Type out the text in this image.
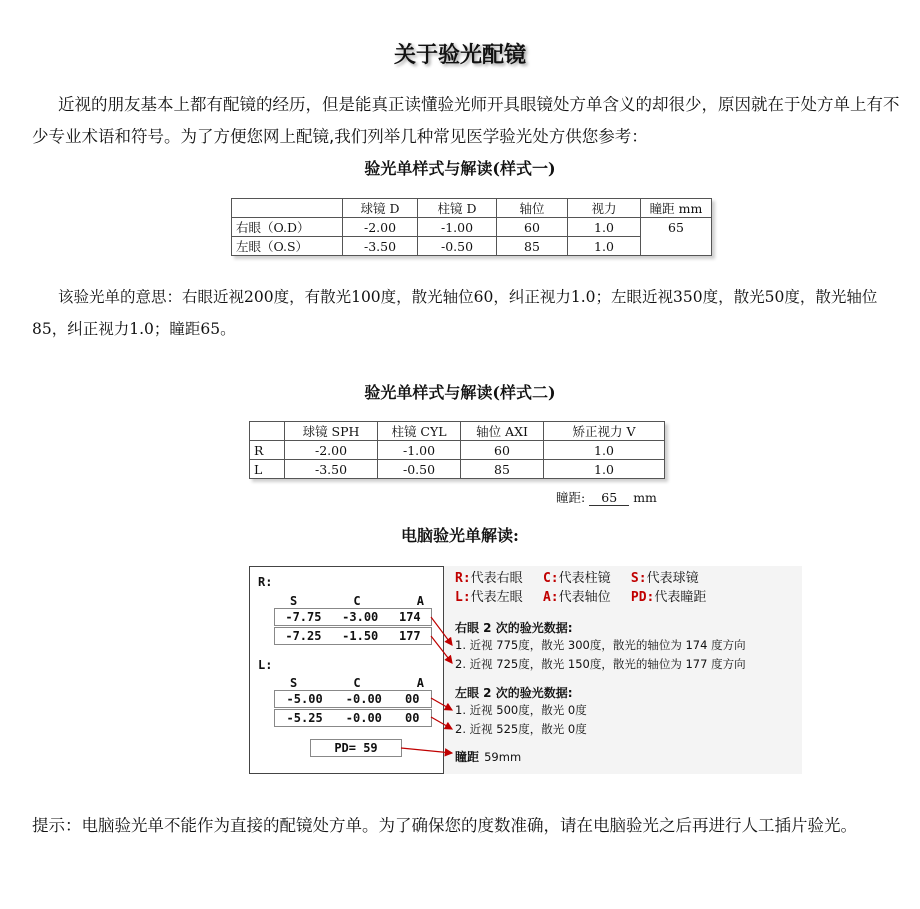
关于验光配镜
近视的朋友基本上都有配镜的经历，但是能真正读懂验光师开具眼镜处方单含义的却很少，原因就在于处方单上有不少专业术语和符号。为了方便您网上配镜,我们列举几种常见医学验光处方供您参考：
验光单样式与解读(样式一)
	球镜 D	柱镜 D	轴位	视力	瞳距 mm
右眼（O.D）	-2.00	-1.00	60	1.0	65
左眼（O.S）	-3.50	-0.50	85	1.0	
该验光单的意思：右眼近视200度，有散光100度，散光轴位60，纠正视力1.0；左眼近视350度，散光50度，散光轴位85，纠正视力1.0；瞳距65。
验光单样式与解读(样式二)
	球镜 SPH	柱镜 CYL	轴位 AXI	矫正视力 V
R	-2.00	-1.00	60	1.0
L	-3.50	-0.50	85	1.0
瞳距: 65 mm
电脑验光单解读:
R:
S	C	A
-7.75 -3.00 174
-7.25 -1.50 177
L:
S	C	A
-5.00 -0.00 00
-5.25 -0.00 00
PD= 59
R:代表右眼 C:代表柱镜 S:代表球镜
L:代表左眼 A:代表轴位 PD:代表瞳距
右眼 2 次的验光数据:
1. 近视 775度，散光 300度，散光的轴位为 174 度方向
2. 近视 725度，散光 150度，散光的轴位为 177 度方向
左眼 2 次的验光数据:
1. 近视 500度，散光 0度
2. 近视 525度，散光 0度
瞳距 59mm
提示：电脑验光单不能作为直接的配镜处方单。为了确保您的度数准确，请在电脑验光之后再进行人工插片验光。
